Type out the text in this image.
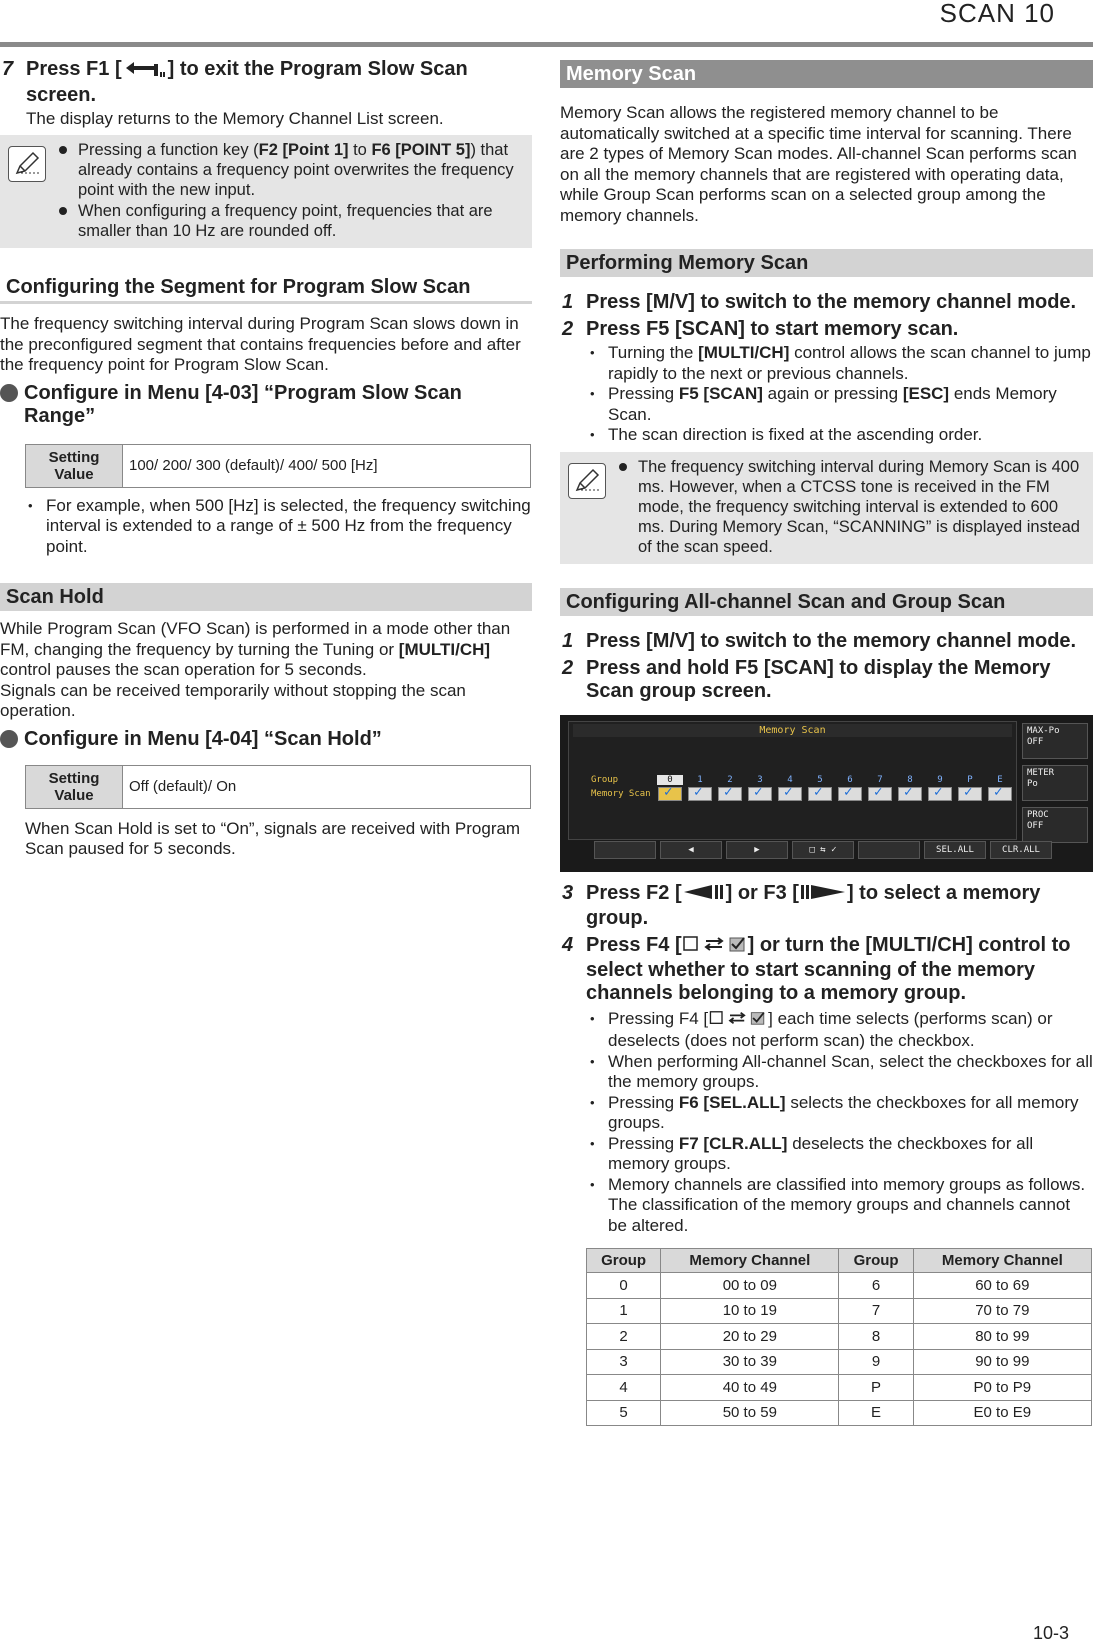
SCAN 10
7 Press F1 [ ] to exit the Program Slow Scan screen.
The display returns to the Memory Channel List screen.
Pressing a function key (F2 [Point 1] to F6 [POINT 5]) that already contains a frequency point overwrites the frequency point with the new input.
When configuring a frequency point, frequencies that are smaller than 10 Hz are rounded off.
Configuring the Segment for Program Slow Scan

The frequency switching interval during Program Scan slows down in the preconfigured segment that contains frequencies before and after the frequency point for Program Slow Scan.

Configure in Menu [4-03] “Program Slow Scan Range”
Setting Value	100/ 200/ 300 (default)/ 400/ 500 [Hz]
• For example, when 500 [Hz] is selected, the frequency switching interval is extended to a range of ± 500 Hz from the frequency point.
Scan Hold

While Program Scan (VFO Scan) is performed in a mode other than FM, changing the frequency by turning the Tuning or [MULTI/CH] control pauses the scan operation for 5 seconds.

Signals can be received temporarily without stopping the scan operation.

Configure in Menu [4-04] “Scan Hold”
Setting Value	Off (default)/ On

When Scan Hold is set to “On”, signals are received with Program Scan paused for 5 seconds.

Memory Scan

Memory Scan allows the registered memory channel to be automatically switched at a specific time interval for scanning. There are 2 types of Memory Scan modes. All-channel Scan performs scan on all the memory channels that are registered with operating data, while Group Scan performs scan on a selected group among the memory channels.

Performing Memory Scan
1 Press [M/V] to switch to the memory channel mode.
2 Press F5 [SCAN] to start memory scan.
• Turning the [MULTI/CH] control allows the scan channel to jump rapidly to the next or previous channels.
• Pressing F5 [SCAN] again or pressing [ESC] ends Memory Scan.
• The scan direction is fixed at the ascending order.
The frequency switching interval during Memory Scan is 400 ms. However, when a CTCSS tone is received in the FM mode, the frequency switching interval is extended to 600 ms. During Memory Scan, “SCANNING” is displayed instead of the scan speed.
Configuring All-channel Scan and Group Scan
1 Press [M/V] to switch to the memory channel mode.
2 Press and hold F5 [SCAN] to display the Memory Scan group screen.
Memory Scan
Group
Memory Scan
0
✓	1
✓	2
✓	3
✓	4
✓	5
✓	6
✓	7
✓	8
✓	9
✓	P
✓	E
✓
MAX-Po
OFF
METER
Po
PROC
OFF
◀	▶	□ ⇆ ✓	SEL.ALL	CLR.ALL
3 Press F2 [ ] or F3 [ ] to select a memory group.
4 Press F4 [	] or turn the [MULTI/CH] control to select whether to start scanning of the memory channels belonging to a memory group.
• Pressing F4 [	] each time selects (performs scan) or deselects (does not perform scan) the checkbox.
• When performing All-channel Scan, select the checkboxes for all the memory groups.
• Pressing F6 [SEL.ALL] selects the checkboxes for all memory groups.
• Pressing F7 [CLR.ALL] deselects the checkboxes for all memory groups.
• Memory channels are classified into memory groups as follows. The classification of the memory groups and channels cannot be altered.
Group	Memory Channel	Group	Memory Channel
0	00 to 09	6	60 to 69
1	10 to 19	7	70 to 79
2	20 to 29	8	80 to 99
3	30 to 39	9	90 to 99
4	40 to 49	P	P0 to P9
5	50 to 59	E	E0 to E9
10-3
